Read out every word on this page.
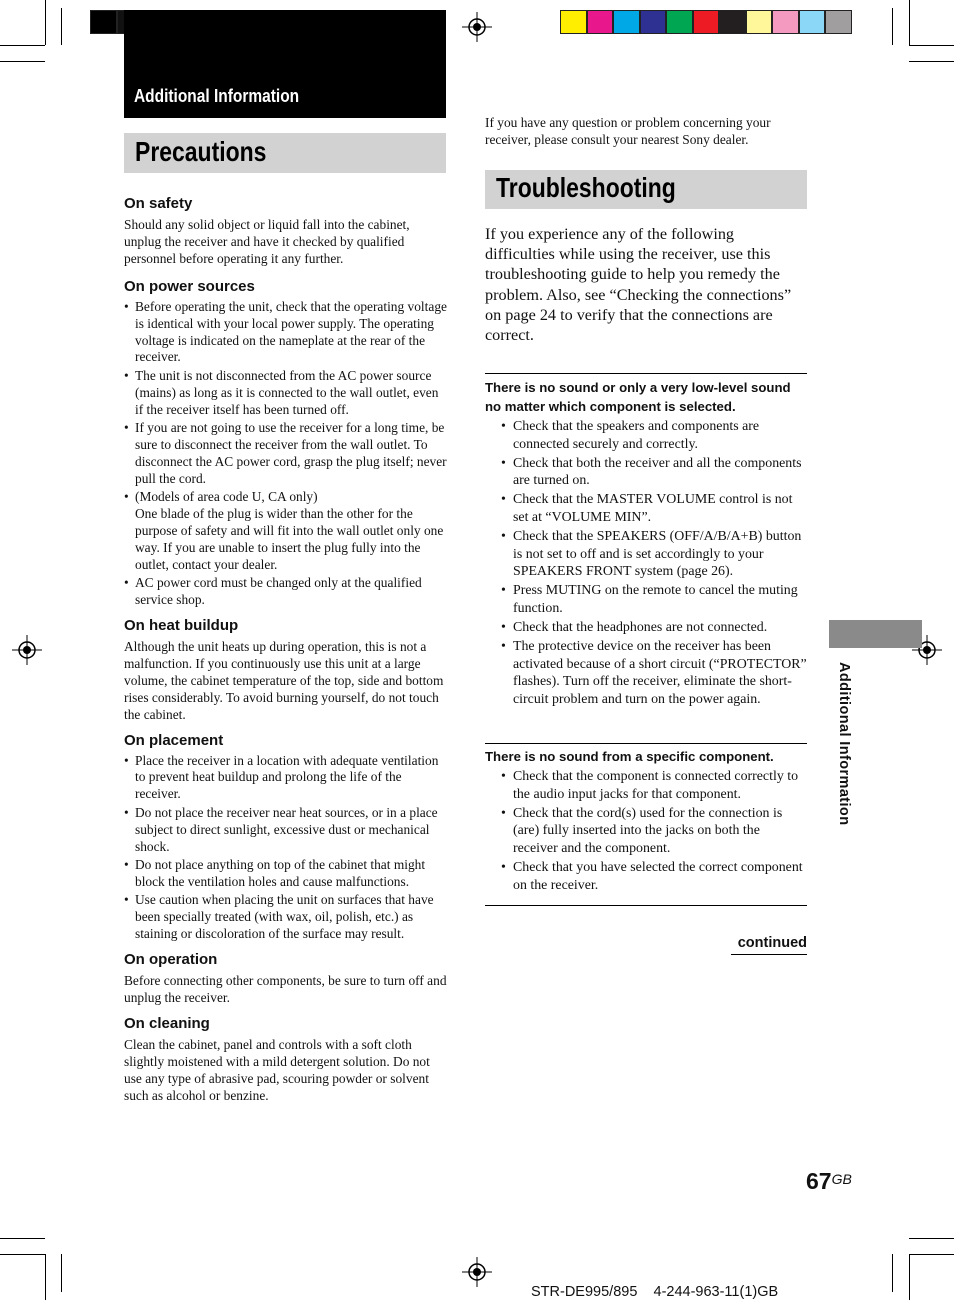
Additional Information
Precautions

On safety

Should any solid object or liquid fall into the cabinet, unplug the receiver and have it checked by qualified personnel before operating it any further.

On power sources

• Before operating the unit, check that the operating voltage is identical with your local power supply. The operating voltage is indicated on the nameplate at the rear of the receiver.
• The unit is not disconnected from the AC power source (mains) as long as it is connected to the wall outlet, even if the receiver itself has been turned off.
• If you are not going to use the receiver for a long time, be sure to disconnect the receiver from the wall outlet. To disconnect the AC power cord, grasp the plug itself; never pull the cord.
• (Models of area code U, CA only)
One blade of the plug is wider than the other for the purpose of safety and will fit into the wall outlet only one way. If you are unable to insert the plug fully into the outlet, contact your dealer.
• AC power cord must be changed only at the qualified service shop.

On heat buildup

Although the unit heats up during operation, this is not a malfunction. If you continuously use this unit at a large volume, the cabinet temperature of the top, side and bottom rises considerably. To avoid burning yourself, do not touch the cabinet.

On placement

• Place the receiver in a location with adequate ventilation to prevent heat buildup and prolong the life of the receiver.
• Do not place the receiver near heat sources, or in a place subject to direct sunlight, excessive dust or mechanical shock.
• Do not place anything on top of the cabinet that might block the ventilation holes and cause malfunctions.
• Use caution when placing the unit on surfaces that have been specially treated (with wax, oil, polish, etc.) as staining or discoloration of the surface may result.

On operation

Before connecting other components, be sure to turn off and unplug the receiver.

On cleaning

Clean the cabinet, panel and controls with a soft cloth slightly moistened with a mild detergent solution. Do not use any type of abrasive pad, scouring powder or solvent such as alcohol or benzine.

If you have any question or problem concerning your receiver, please consult your nearest Sony dealer.
Troubleshooting
If you experience any of the following difficulties while using the receiver, use this troubleshooting guide to help you remedy the problem. Also, see “Checking the connections” on page 24 to verify that the connections are correct.

There is no sound or only a very low-level sound no matter which component is selected.

• Check that the speakers and components are connected securely and correctly.
• Check that both the receiver and all the components are turned on.
• Check that the MASTER VOLUME control is not set at “VOLUME MIN”.
• Check that the SPEAKERS (OFF/A/B/A+B) button is not set to off and is set accordingly to your SPEAKERS FRONT system (page 26).
• Press MUTING on the remote to cancel the muting function.
• Check that the headphones are not connected.
• The protective device on the receiver has been activated because of a short circuit (“PROTECTOR” flashes). Turn off the receiver, eliminate the short-circuit problem and turn on the power again.

There is no sound from a specific component.

• Check that the component is connected correctly to the audio input jacks for that component.
• Check that the cord(s) used for the connection is (are) fully inserted into the jacks on both the receiver and the component.
• Check that you have selected the correct component on the receiver.
continued
Additional Information
$67^{GB}$
STR-DE995/895    4-244-963-11(1)GB
